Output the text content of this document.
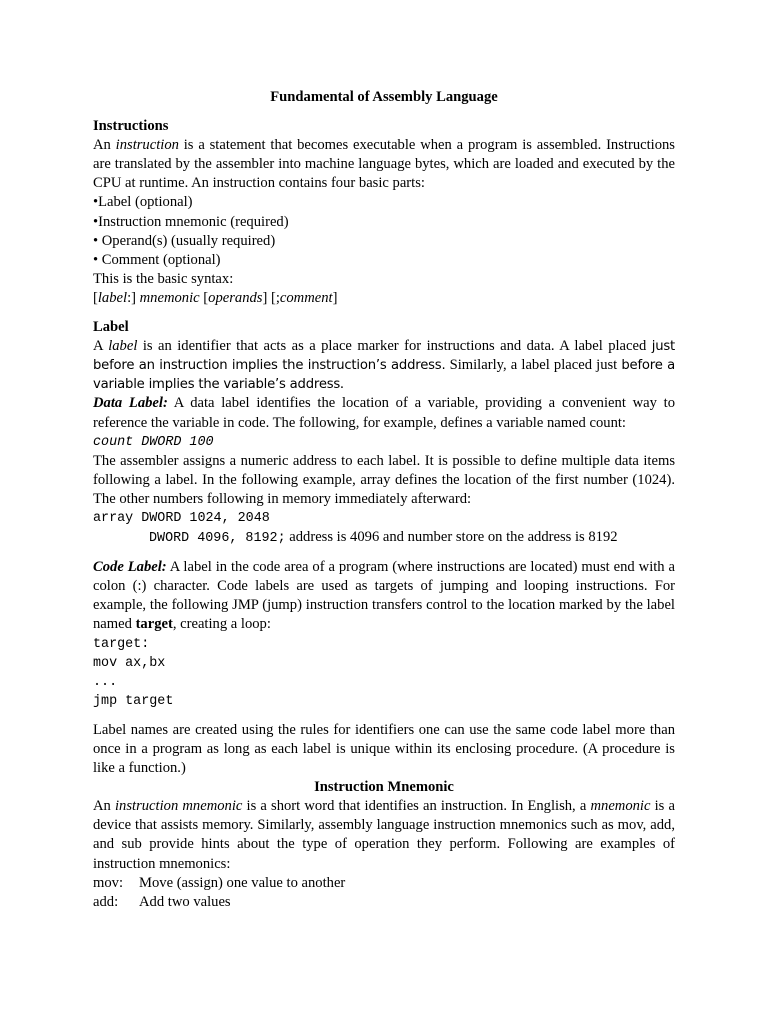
Fundamental of Assembly Language
Instructions

An instruction is a statement that becomes executable when a program is assembled. Instructions are translated by the assembler into machine language bytes, which are loaded and executed by the CPU at runtime. An instruction contains four basic parts:

•Label (optional)

•Instruction mnemonic (required)

• Operand(s) (usually required)

• Comment (optional)

This is the basic syntax:

[label:] mnemonic [operands] [;comment]

Label

A label is an identifier that acts as a place marker for instructions and data. A label placed just before an instruction implies the instruction’s address. Similarly, a label placed just before a variable implies the variable’s address.

Data Label: A data label identifies the location of a variable, providing a convenient way to reference the variable in code. The following, for example, defines a variable named count:

count DWORD 100

The assembler assigns a numeric address to each label. It is possible to define multiple data items following a label. In the following example, array defines the location of the first number (1024). The other numbers following in memory immediately afterward:

array DWORD 1024, 2048

DWORD 4096, 8192; address is 4096 and number store on the address is 8192

Code Label: A label in the code area of a program (where instructions are located) must end with a colon (:) character. Code labels are used as targets of jumping and looping instructions. For example, the following JMP (jump) instruction transfers control to the location marked by the label named target, creating a loop:

target:

mov ax,bx

...

jmp target

Label names are created using the rules for identifiers one can use the same code label more than once in a program as long as each label is unique within its enclosing procedure. (A procedure is like a function.)

Instruction Mnemonic

An instruction mnemonic is a short word that identifies an instruction. In English, a mnemonic is a device that assists memory. Similarly, assembly language instruction mnemonics such as mov, add, and sub provide hints about the type of operation they perform. Following are examples of instruction mnemonics:

mov:	Move (assign) one value to another
add:	Add two values
